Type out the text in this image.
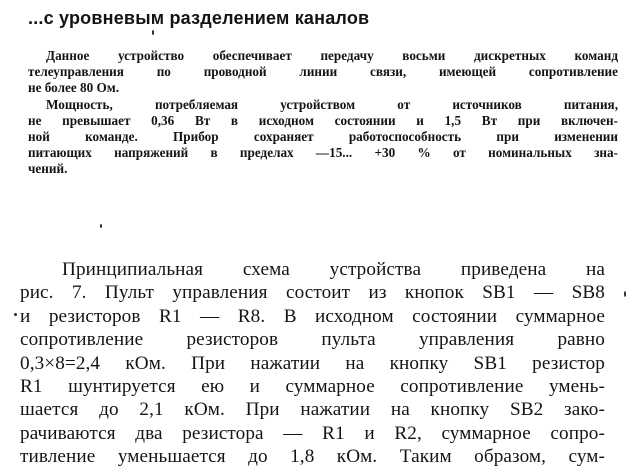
...с уровневым разделением каналов
Данное устройство обеспечивает передачу восьми дискретных команд
телеуправления по проводной линии связи, имеющей сопротивление
не более 80 Ом.
Мощность, потребляемая устройством от источников питания,
не превышает 0,36 Вт в исходном состоянии и 1,5 Вт при включен-
ной команде. Прибор сохраняет работоспособность при изменении
питающих напряжений в пределах —15... +30 % от номинальных зна-
чений.
Принципиальная схема устройства приведена на
рис. 7. Пульт управления состоит из кнопок SB1 — SB8
и резисторов R1 — R8. В исходном состоянии суммарное
сопротивление резисторов пульта управления равно
0,3×8=2,4 кОм. При нажатии на кнопку SB1 резистор
R1 шунтируется ею и суммарное сопротивление умень-
шается до 2,1 кОм. При нажатии на кнопку SB2 зако-
рачиваются два резистора — R1 и R2, суммарное сопро-
тивление уменьшается до 1,8 кОм. Таким образом, сум-
